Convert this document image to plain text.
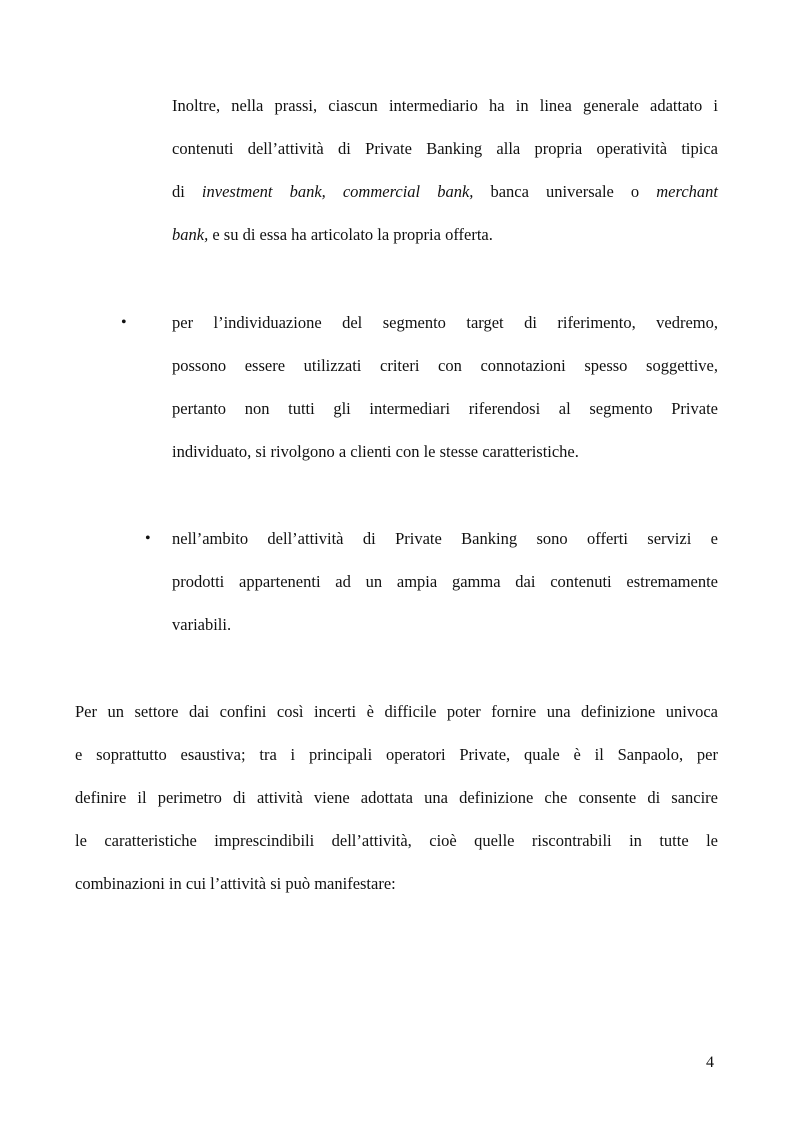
Inoltre, nella prassi, ciascun intermediario ha in linea generale adattato i
contenuti dell’attività di Private Banking alla propria operatività tipica
di investment bank, commercial bank, banca universale o merchant
bank, e su di essa ha articolato la propria offerta.

•	per l’individuazione del segmento target di riferimento, vedremo,
possono essere utilizzati criteri con connotazioni spesso soggettive,
pertanto non tutti gli intermediari riferendosi al segmento Private
individuato, si rivolgono a clienti con le stesse caratteristiche.

• nell’ambito dell’attività di Private Banking sono offerti servizi e
prodotti appartenenti ad un ampia gamma dai contenuti estremamente
variabili.

Per un settore dai confini così incerti è difficile poter fornire una definizione univoca
e soprattutto esaustiva; tra i principali operatori Private, quale è il Sanpaolo, per
definire il perimetro di attività viene adottata una definizione che consente di sancire
le caratteristiche imprescindibili dell’attività, cioè quelle riscontrabili in tutte le
combinazioni in cui l’attività si può manifestare:

4
